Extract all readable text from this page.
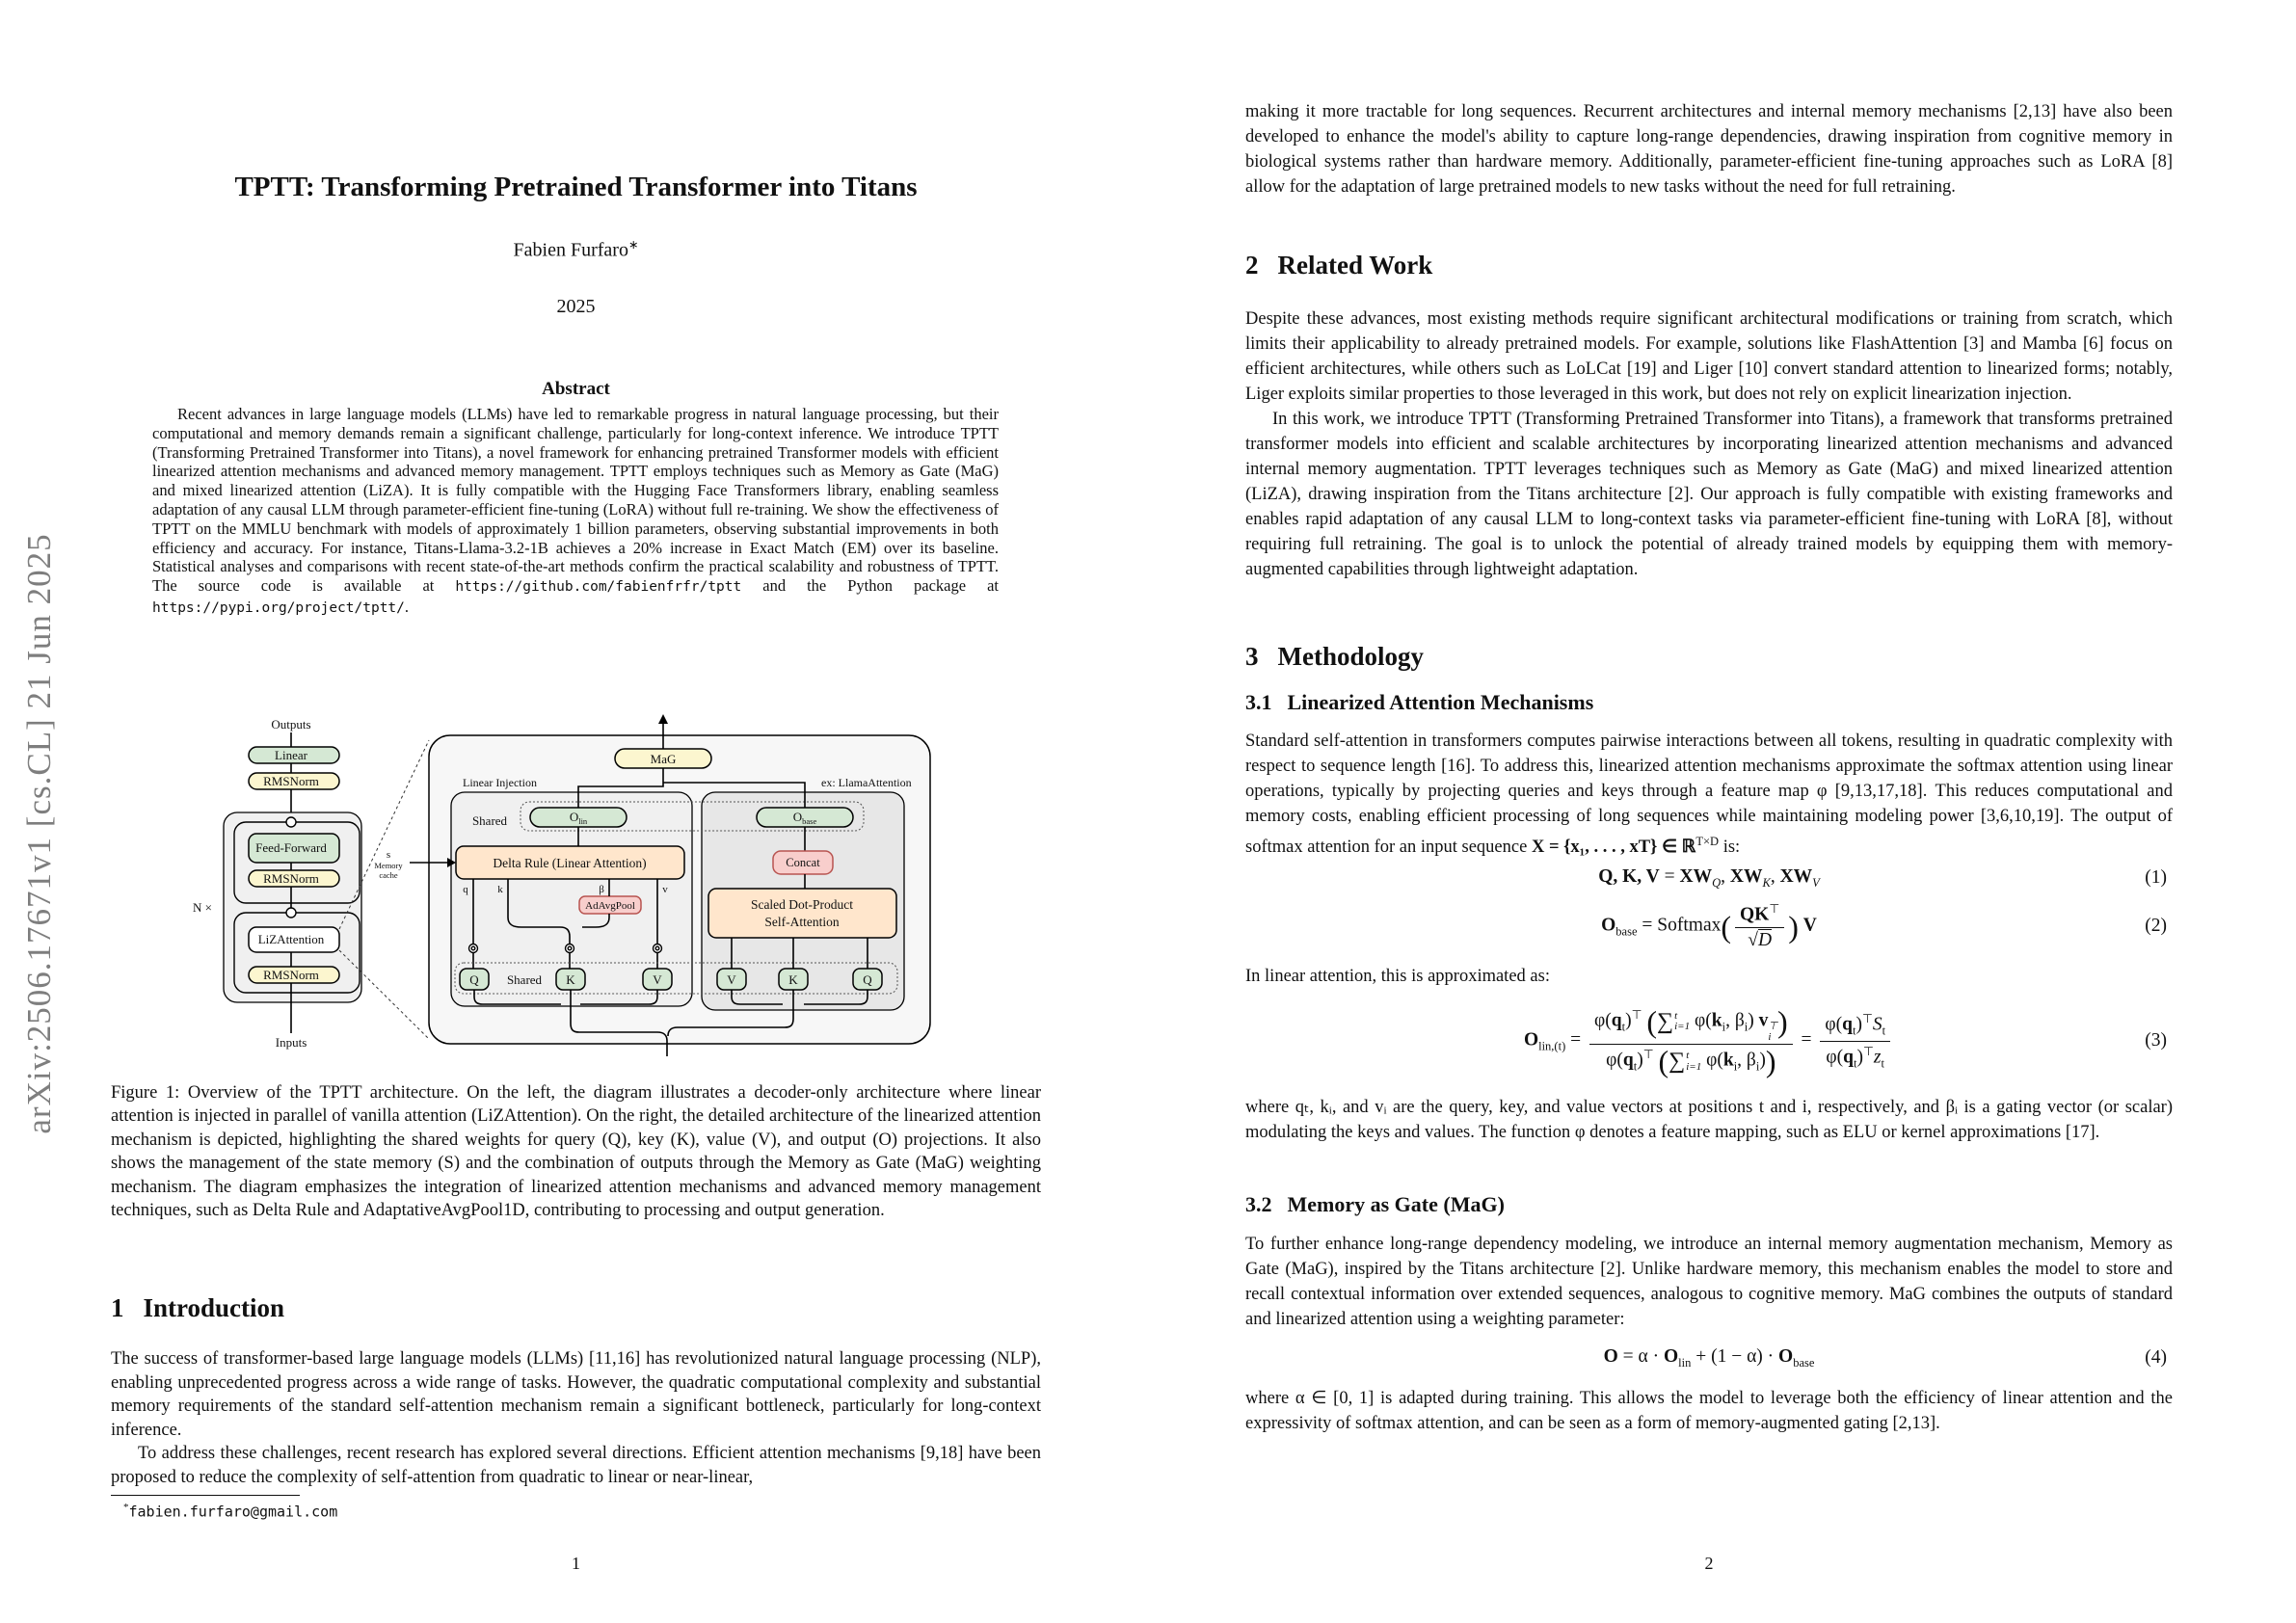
arXiv:2506.17671v1 [cs.CL] 21 Jun 2025
TPTT: Transforming Pretrained Transformer into Titans
Fabien Furfaro∗
2025
Abstract

Recent advances in large language models (LLMs) have led to remarkable progress in natural language processing, but their computational and memory demands remain a significant challenge, particularly for long-context inference. We introduce TPTT (Transforming Pretrained Transformer into Titans), a novel framework for enhancing pretrained Transformer models with efficient linearized attention mechanisms and advanced memory management. TPTT employs techniques such as Memory as Gate (MaG) and mixed linearized attention (LiZA). It is fully compatible with the Hugging Face Transformers library, enabling seamless adaptation of any causal LLM through parameter-efficient fine-tuning (LoRA) without full re-training. We show the effectiveness of TPTT on the MMLU benchmark with models of approximately 1 billion parameters, observing substantial improvements in both efficiency and accuracy. For instance, Titans-Llama-3.2-1B achieves a 20% increase in Exact Match (EM) over its baseline. Statistical analyses and comparisons with recent state-of-the-art methods confirm the practical scalability and robustness of TPTT. The source code is available at https://github.com/fabienfrfr/tptt and the Python package at https://pypi.org/project/tptt/.

Outputs
Linear
RMSNorm
Feed-Forward
RMSNorm
N ×
LiZAttention
RMSNorm
Inputs
MaG
Linear Injection	ex: LlamaAttention
Shared	Olin	Obase
Delta Rule (Linear Attention)
s
Memory
cache
q	k	β	v
AdAvgPool
Q Shared K	V
Concat
Scaled Dot-Product
Self-Attention
V	K	Q

Figure 1: Overview of the TPTT architecture. On the left, the diagram illustrates a decoder-only architecture where linear attention is injected in parallel of vanilla attention (LiZAttention). On the right, the detailed architecture of the linearized attention mechanism is depicted, highlighting the shared weights for query (Q), key (K), value (V), and output (O) projections. It also shows the management of the state memory (S) and the combination of outputs through the Memory as Gate (MaG) weighting mechanism. The diagram emphasizes the integration of linearized attention mechanisms and advanced memory management techniques, such as Delta Rule and AdaptativeAvgPool1D, contributing to processing and output generation.

1 Introduction

The success of transformer-based large language models (LLMs) [11,16] has revolutionized natural language processing (NLP), enabling unprecedented progress across a wide range of tasks. However, the quadratic computational complexity and substantial memory requirements of the standard self-attention mechanism remain a significant bottleneck, particularly for long-context inference.

To address these challenges, recent research has explored several directions. Efficient attention mechanisms [9,18] have been proposed to reduce the complexity of self-attention from quadratic to linear or near-linear,

*fabien.furfaro@gmail.com
1

making it more tractable for long sequences. Recurrent architectures and internal memory mechanisms [2,13] have also been developed to enhance the model's ability to capture long-range dependencies, drawing inspiration from cognitive memory in biological systems rather than hardware memory. Additionally, parameter-efficient fine-tuning approaches such as LoRA [8] allow for the adaptation of large pretrained models to new tasks without the need for full retraining.

2 Related Work

Despite these advances, most existing methods require significant architectural modifications or training from scratch, which limits their applicability to already pretrained models. For example, solutions like FlashAttention [3] and Mamba [6] focus on efficient architectures, while others such as LoLCat [19] and Liger [10] convert standard attention to linearized forms; notably, Liger exploits similar properties to those leveraged in this work, but does not rely on explicit linearization injection.

In this work, we introduce TPTT (Transforming Pretrained Transformer into Titans), a framework that transforms pretrained transformer models into efficient and scalable architectures by incorporating linearized attention mechanisms and advanced internal memory augmentation. TPTT leverages techniques such as Memory as Gate (MaG) and mixed linearized attention (LiZA), drawing inspiration from the Titans architecture [2]. Our approach is fully compatible with existing frameworks and enables rapid adaptation of any causal LLM to long-context tasks via parameter-efficient fine-tuning with LoRA [8], without requiring full retraining. The goal is to unlock the potential of already trained models by equipping them with memory-augmented capabilities through lightweight adaptation.

3 Methodology
3.1 Linearized Attention Mechanisms

Standard self-attention in transformers computes pairwise interactions between all tokens, resulting in quadratic complexity with respect to sequence length [16]. To address this, linearized attention mechanisms approximate the softmax attention using linear operations, typically by projecting queries and keys through a feature map φ [9,13,17,18]. This reduces computational and memory costs, enabling efficient processing of long sequences while maintaining modeling power [3,6,10,19]. The output of softmax attention for an input sequence X = {x₁, . . . , xT} ∈ ℝ$^{T\times D}$ is:

Q, K, $V = XW_Q$, $XW_K$, $XW_V$	(1)
$O_{base}$ = Softmax( $\frac{QK^⊤}{√D}$ ) V	(2)

In linear attention, this is approximated as:

$O_{lin,(t)} = \varphi(q_t)^⊤$ ( ∑ t
i=1 $\varphi(k_i$, $\beta_i$) v ⊤
i )
$\varphi(q_t)^⊤$ ( ∑ t
i=1 $\varphi(k_i$, $\beta_i)) = \frac{\varphi(q_t)^⊤S_t}{\varphi(q_t)^⊤z_t}$	(3)

where qₜ, kᵢ, and vᵢ are the query, key, and value vectors at positions t and i, respectively, and βᵢ is a gating vector (or scalar) modulating the keys and values. The function φ denotes a feature mapping, such as ELU or kernel approximations [17].

3.2 Memory as Gate (MaG)

To further enhance long-range dependency modeling, we introduce an internal memory augmentation mechanism, Memory as Gate (MaG), inspired by the Titans architecture [2]. Unlike hardware memory, this mechanism enables the model to store and recall contextual information over extended sequences, analogous to cognitive memory. MaG combines the outputs of standard and linearized attention using a weighting parameter:

$O = \alpha \cdot O_{lin} + (1 - \alpha) \cdot O_{base}$	(4)

where α ∈ [0, 1] is adapted during training. This allows the model to leverage both the efficiency of linear attention and the expressivity of softmax attention, and can be seen as a form of memory-augmented gating [2,13].

2
